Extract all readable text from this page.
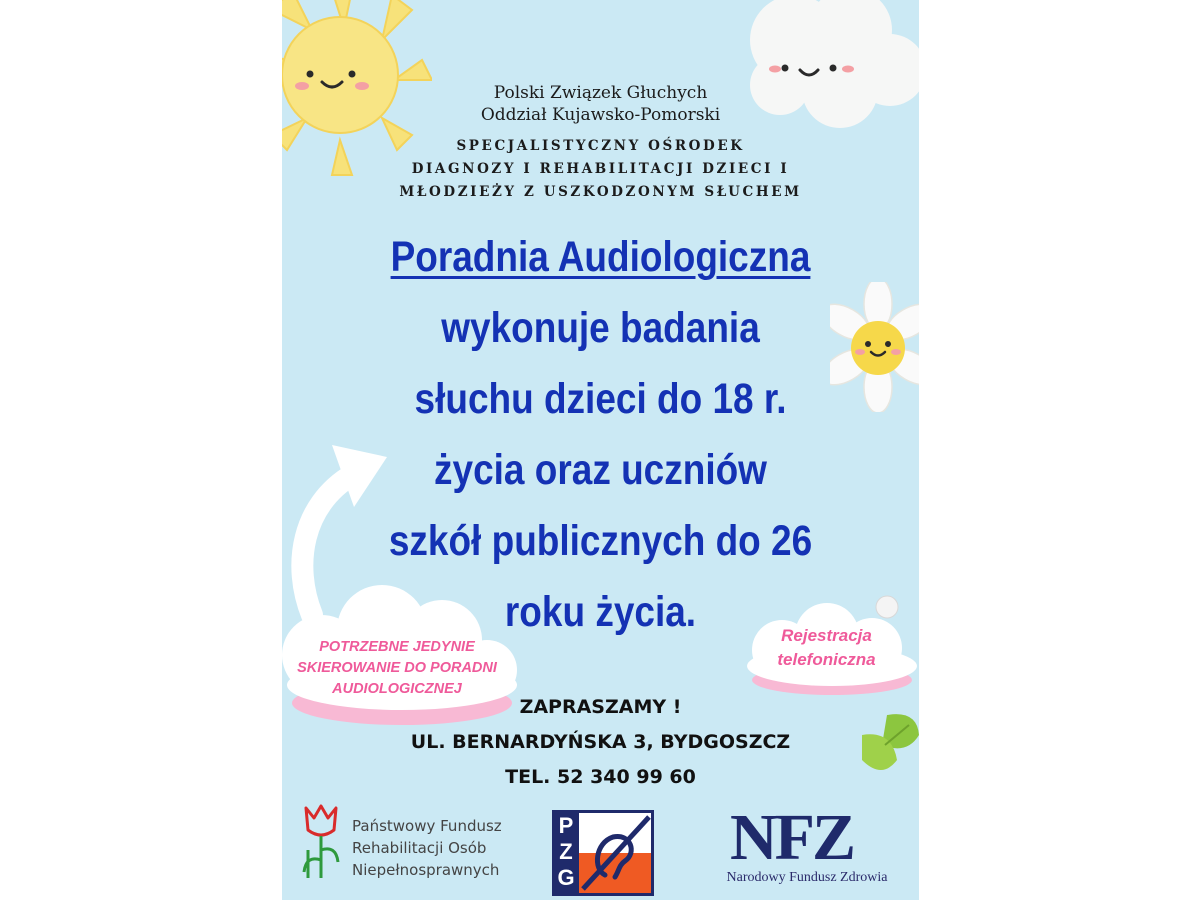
Polski Związek Głuchych
Oddział Kujawsko-Pomorski
SPECJALISTYCZNY OŚRODEK
DIAGNOZY I REHABILITACJI DZIECI I
MŁODZIEŻY Z USZKODZONYM SŁUCHEM
Poradnia Audiologiczna
wykonuje badania
słuchu dzieci do 18 r.
życia oraz uczniów
szkół publicznych do 26
roku życia.
POTRZEBNE JEDYNIE
SKIEROWANIE DO PORADNI
AUDIOLOGICZNEJ
Rejestracja
telefoniczna
ZAPRASZAMY !
UL. BERNARDYŃSKA 3, BYDGOSZCZ
TEL. 52 340 99 60
Państwowy Fundusz
Rehabilitacji Osób
Niepełnosprawnych
P
Z
G
NFZ
Narodowy Fundusz Zdrowia
